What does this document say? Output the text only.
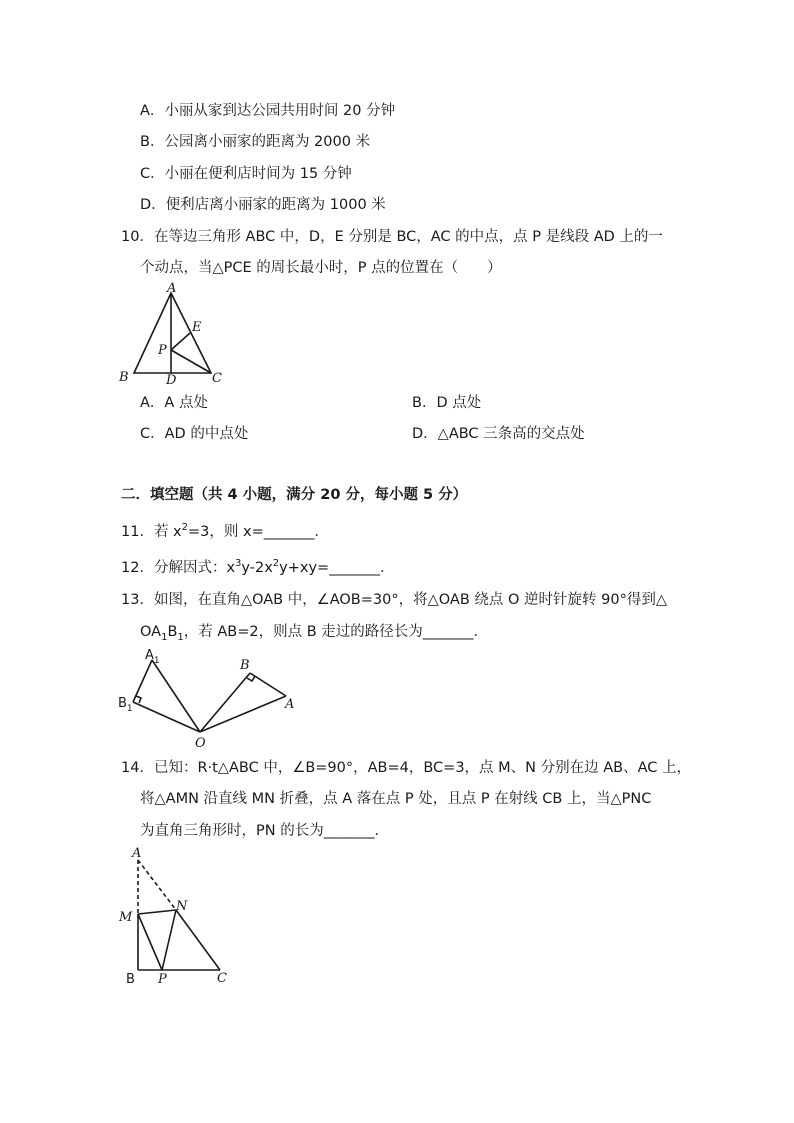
A．小丽从家到达公园共用时间 20 分钟
B．公园离小丽家的距离为 2000 米
C．小丽在便利店时间为 15 分钟
D．便利店离小丽家的距离为 1000 米
10．在等边三角形 ABC 中，D，E 分别是 BC，AC 的中点，点 P 是线段 AD 上的一
个动点，当△PCE 的周长最小时，P 点的位置在（　　）
A
B	C
D
E
P
A．A 点处	B．D 点处
C．AD 的中点处	D．△ABC 三条高的交点处
二．填空题（共 4 小题，满分 20 分，每小题 5 分）
11．若 $x^2=3$，则 x=_______．
12．分解因式：$x^3y-2x^2y+xy=\_\_\_\_\_\_\_$．
13．如图，在直角△OAB 中，∠AOB=30°，将△OAB 绕点 O 逆时针旋转 90°得到△
$OA_1B_1$，若 AB=2，则点 B 走过的路径长为_______．
$A_1$
$B_1$
B
A
O
14．已知：R·t△ABC 中，∠B=90°，AB=4，BC=3，点 M、N 分别在边 AB、AC 上，
将△AMN 沿直线 MN 折叠，点 A 落在点 P 处，且点 P 在射线 CB 上，当△PNC
为直角三角形时，PN 的长为_______．
A
M
N
B P	C
